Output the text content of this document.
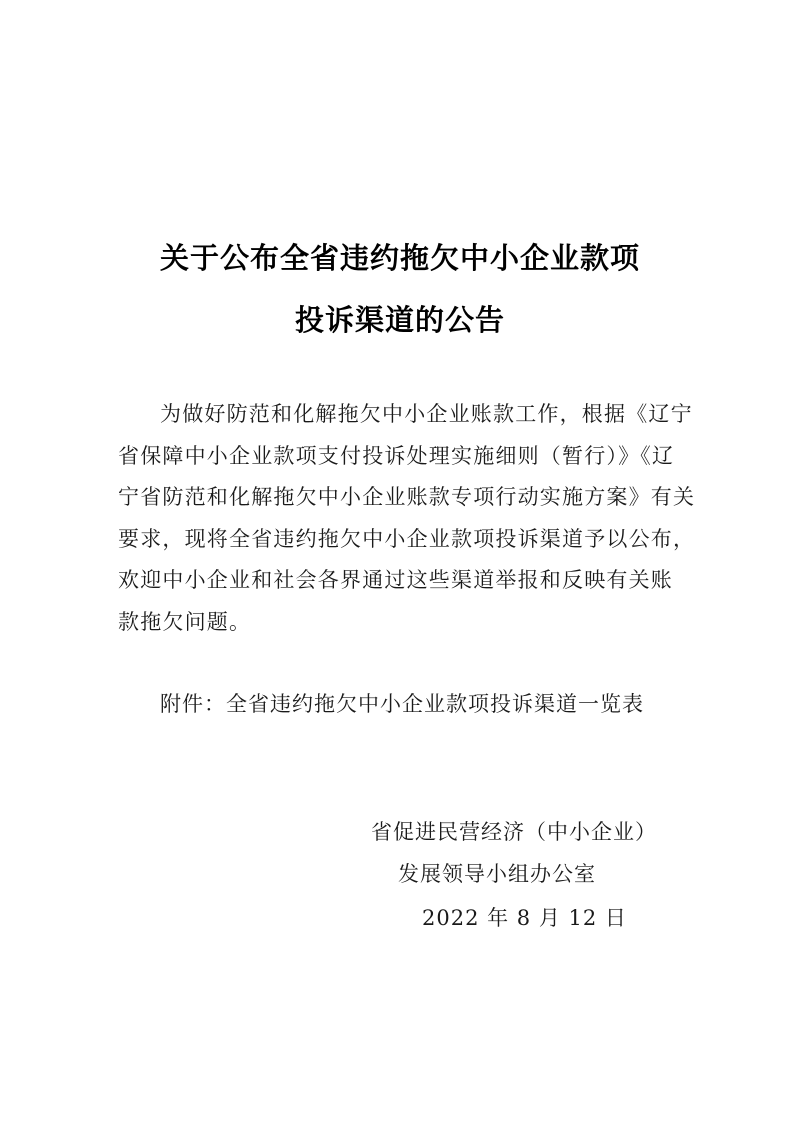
关于公布全省违约拖欠中小企业款项
投诉渠道的公告
为做好防范和化解拖欠中小企业账款工作，根据《辽宁
省保障中小企业款项支付投诉处理实施细则（暂行）》《辽
宁省防范和化解拖欠中小企业账款专项行动实施方案》有关
要求，现将全省违约拖欠中小企业款项投诉渠道予以公布，
欢迎中小企业和社会各界通过这些渠道举报和反映有关账
款拖欠问题。
附件：全省违约拖欠中小企业款项投诉渠道一览表
省促进民营经济（中小企业）
发展领导小组办公室
2022 年 8 月 12 日
